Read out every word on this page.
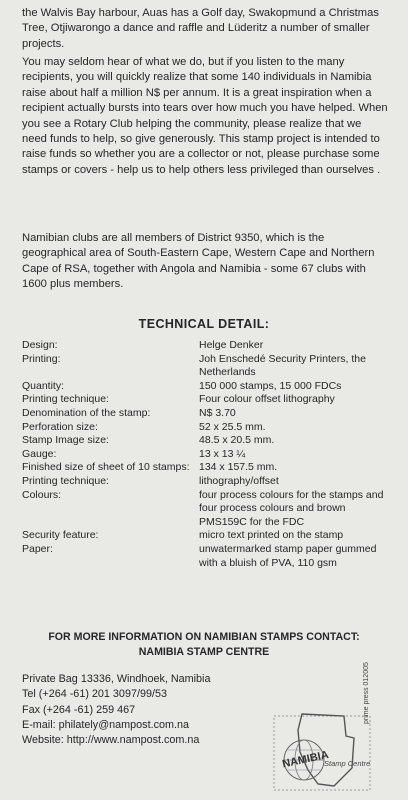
the Walvis Bay harbour, Auas has a Golf day, Swakopmund a Christmas Tree, Otjiwarongo a dance and raffle and Lüderitz a number of smaller projects.

You may seldom hear of what we do, but if you listen to the many recipients, you will quickly realize that some 140 individuals in Namibia raise about half a million N$ per annum. It is a great inspiration when a recipient actually bursts into tears over how much you have helped. When you see a Rotary Club helping the community, please realize that we need funds to help, so give generously. This stamp project is intended to raise funds so whether you are a collector or not, please purchase some stamps or covers - help us to help others less privileged than ourselves .

Namibian clubs are all members of District 9350, which is the geographical area of South-Eastern Cape, Western Cape and Northern Cape of RSA, together with Angola and Namibia - some 67 clubs with 1600 plus members.

TECHNICAL DETAIL:
Design:	Helge Denker
Printing:	Joh Enschedé Security Printers, the Netherlands
Quantity:	150 000 stamps, 15 000 FDCs
Printing technique:	Four colour offset lithography
Denomination of the stamp:	N$ 3.70
Perforation size:	52 x 25.5 mm.
Stamp Image size:	48.5 x 20.5 mm.
Gauge:	13 x 13 ¼
Finished size of sheet of 10 stamps: 134 x 157.5 mm.
Printing technique:	lithography/offset
Colours:	four process colours for the stamps and four process colours and brown PMS159C for the FDC
Security feature:	micro text printed on the stamp
Paper:	unwatermarked stamp paper gummed with a bluish of PVA, 110 gsm
FOR MORE INFORMATION ON NAMIBIAN STAMPS CONTACT:
NAMIBIA STAMP CENTRE
Private Bag 13336, Windhoek, Namibia
Tel (+264 -61) 201 3097/99/53
Fax (+264 -61) 259 467
E-mail: philately@nampost.com.na
Website: http://www.nampost.com.na
NAMIBIA
Stamp Centre
prime press 012005
